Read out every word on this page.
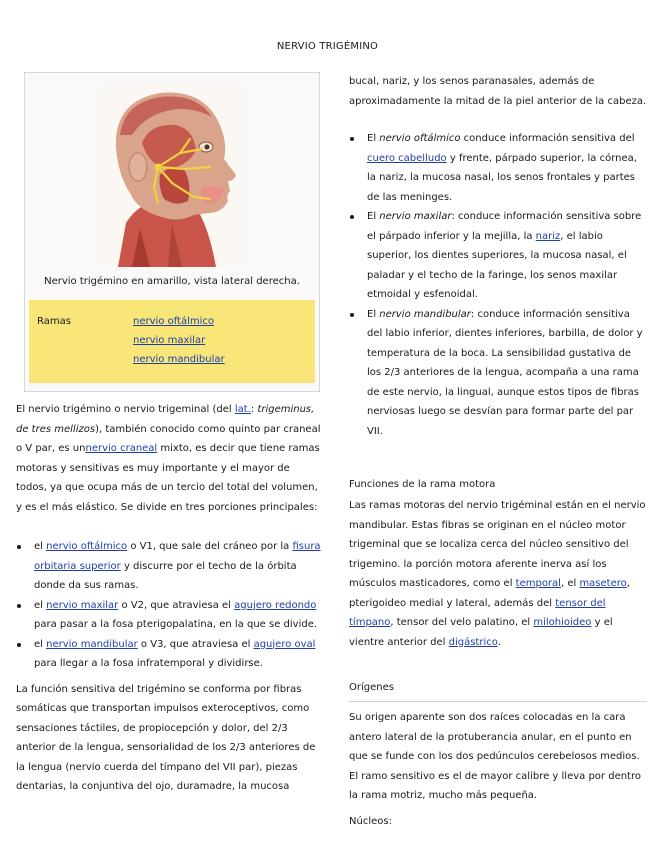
NERVIO TRIGÉMINO
Nervio trigémino en amarillo, vista lateral derecha.
Ramas	nervio oftálmico
nervio maxilar
nervio mandibular

El nervio trigémino o nervio trigeminal (del lat.: trigeminus, de tres mellizos), también conocido como quinto par craneal o V par, es unnervio craneal mixto, es decir que tiene ramas motoras y sensitivas es muy importante y el mayor de todos, ya que ocupa más de un tercio del total del volumen, y es el más elástico. Se divide en tres porciones principales:

el nervio oftálmico o V1, que sale del cráneo por la fisura orbitaria superior y discurre por el techo de la órbita donde da sus ramas.
el nervio maxilar o V2, que atraviesa el agujero redondo para pasar a la fosa pterigopalatina, en la que se divide.
el nervio mandibular o V3, que atraviesa el agujero oval para llegar a la fosa infratemporal y dividirse.

La función sensitiva del trigémino se conforma por fibras somáticas que transportan impulsos exteroceptivos, como sensaciones táctiles, de propiocepción y dolor, del 2/3 anterior de la lengua, sensorialidad de los 2/3 anteriores de la lengua (nervio cuerda del tímpano del VII par), piezas dentarias, la conjuntiva del ojo, duramadre, la mucosa

bucal, nariz, y los senos paranasales, además de aproximadamente la mitad de la piel anterior de la cabeza.

El nervio oftálmico conduce información sensitiva del cuero cabelludo y frente, párpado superior, la córnea, la nariz, la mucosa nasal, los senos frontales y partes de las meninges.
El nervio maxilar: conduce información sensitiva sobre el párpado inferior y la mejilla, la nariz, el labio superior, los dientes superiores, la mucosa nasal, el paladar y el techo de la faringe, los senos maxilar etmoidal y esfenoidal.
El nervio mandibular: conduce información sensitiva del labio inferior, dientes inferiores, barbilla, de dolor y temperatura de la boca. La sensibilidad gustativa de los 2/3 anteriores de la lengua, acompaña a una rama de este nervio, la lingual, aunque estos tipos de fibras nerviosas luego se desvían para formar parte del par VII.
Funciones de la rama motora

Las ramas motoras del nervio trigéminal están en el nervio mandibular. Estas fibras se originan en el núcleo motor trigeminal que se localiza cerca del núcleo sensitivo del trigemino. la porción motora aferente inerva así los músculos masticadores, como el temporal, el masetero, pterigoideo medial y lateral, además del tensor del tímpano, tensor del velo palatino, el milohioideo y el vientre anterior del digástrico.

Orígenes

Su origen aparente son dos raíces colocadas en la cara antero lateral de la protuberancia anular, en el punto en que se funde con los dos pedúnculos cerebelosos medios. El ramo sensitivo es el de mayor calibre y lleva por dentro la rama motriz, mucho más pequeña.

Núcleos:
